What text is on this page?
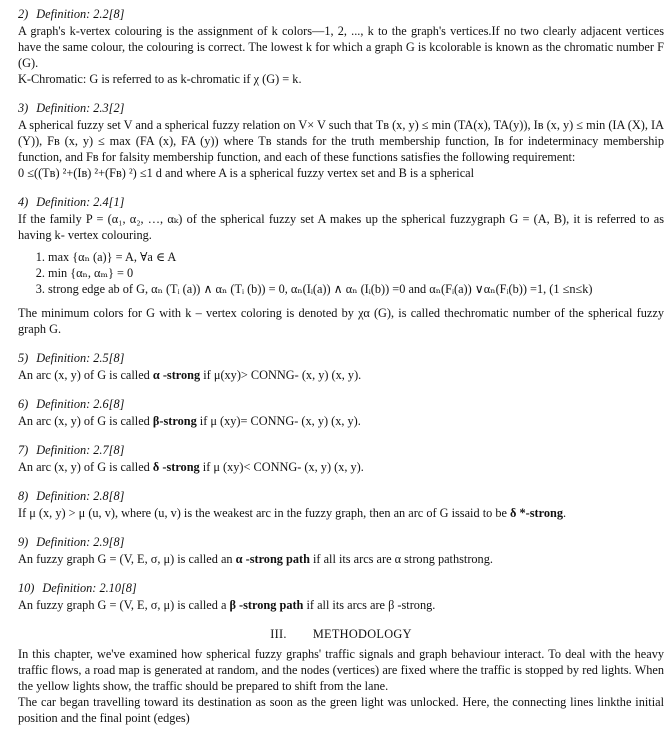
2) Definition: 2.2[8]

A graph's k-vertex colouring is the assignment of k colors—1, 2, ..., k to the graph's vertices.If no two clearly adjacent vertices have the same colour, the colouring is correct. The lowest k for which a graph G is kcolorable is known as the chromatic number F (G).

K-Chromatic: G is referred to as k-chromatic if χ (G) = k.

3) Definition: 2.3[2]

A spherical fuzzy set V and a spherical fuzzy relation on V× V such that Tʙ (x, y) ≤ min (TA(x), TA(y)), Iʙ (x, y) ≤ min (IA (X), IA (Y)), Fʙ (x, y) ≤ max (FA (x), FA (y)) where Tʙ stands for the truth membership function, Iʙ for indeterminacy membership function, and Fʙ for falsity membership function, and each of these functions satisfies the following requirement:

0 ≤((Tʙ) ²+(Iʙ) ²+(Fʙ) ²) ≤1 d and where A is a spherical fuzzy vertex set and B is a spherical

4) Definition: 2.4[1]

If the family P = (α₁, α₂, …, αₖ) of the spherical fuzzy set A makes up the spherical fuzzygraph G = (A, B), it is referred to as having k- vertex colouring.

1. max {αₙ (a)} = A, ∀a ∈ A
2. min {αₙ, αₘ} = 0
3. strong edge ab of G, αₙ (Tᵢ (a)) ∧ αₙ (Tᵢ (b)) = 0, αₙ(Iᵢ(a)) ∧ αₙ (Iᵢ(b)) =0 and αₙ(Fᵢ(a)) ∨αₙ(Fᵢ(b)) =1, (1 ≤n≤k)

The minimum colors for G with k – vertex coloring is denoted by χα (G), is called thechromatic number of the spherical fuzzy graph G.

5) Definition: 2.5[8]

An arc (x, y) of G is called α -strong if μ(xy)> CONNG- (x, y) (x, y).

6) Definition: 2.6[8]

An arc (x, y) of G is called β-strong if μ (xy)= CONNG- (x, y) (x, y).

7) Definition: 2.7[8]

An arc (x, y) of G is called δ -strong if μ (xy)< CONNG- (x, y) (x, y).

8) Definition: 2.8[8]

If μ (x, y) > μ (u, v), where (u, v) is the weakest arc in the fuzzy graph, then an arc of G issaid to be δ *-strong.

9) Definition: 2.9[8]

An fuzzy graph G = (V, E, σ, μ) is called an α -strong path if all its arcs are α strong pathstrong.

10) Definition: 2.10[8]

An fuzzy graph G = (V, E, σ, μ) is called a β -strong path if all its arcs are β -strong.

III. METHODOLOGY

In this chapter, we've examined how spherical fuzzy graphs' traffic signals and graph behaviour interact. To deal with the heavy traffic flows, a road map is generated at random, and the nodes (vertices) are fixed where the traffic is stopped by red lights. When the yellow lights show, the traffic should be prepared to shift from the lane.

The car began travelling toward its destination as soon as the green light was unlocked. Here, the connecting lines linkthe initial position and the final point (edges)
